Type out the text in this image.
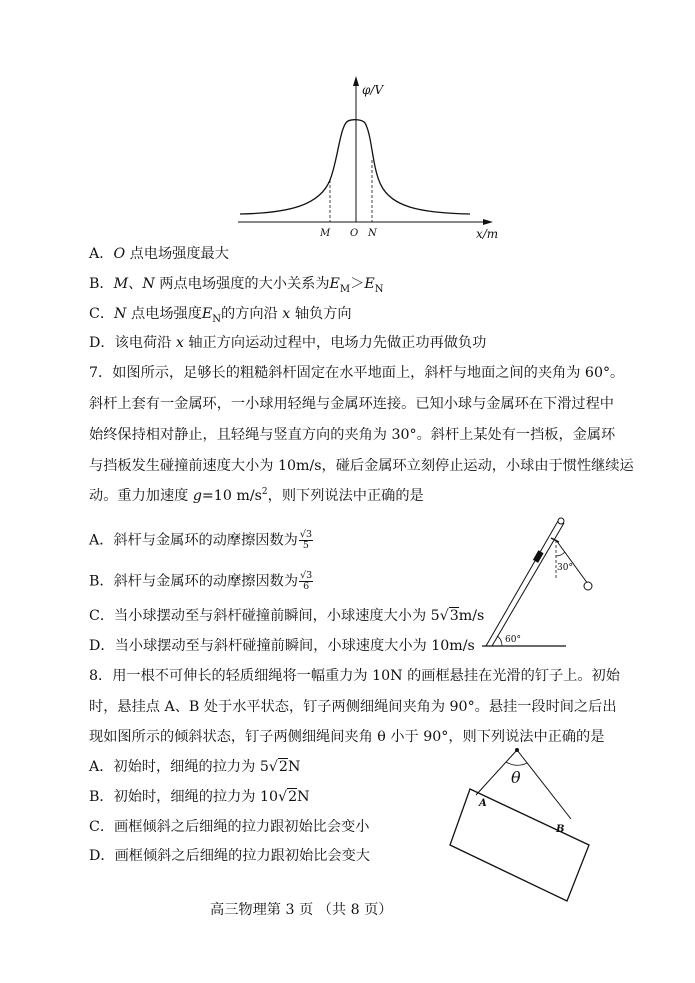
φ/V
x/m
M O N
A．O 点电场强度最大
B．M、N 两点电场强度的大小关系为$E_M>E_N$
C．N 点电场强度$E_N$的方向沿 x 轴负方向
D．该电荷沿 x 轴正方向运动过程中，电场力先做正功再做负功
7．如图所示，足够长的粗糙斜杆固定在水平地面上，斜杆与地面之间的夹角为 60°。
斜杆上套有一金属环，一小球用轻绳与金属环连接。已知小球与金属环在下滑过程中
始终保持相对静止，且轻绳与竖直方向的夹角为 30°。斜杆上某处有一挡板，金属环
与挡板发生碰撞前速度大小为 10m/s，碰后金属环立刻停止运动，小球由于惯性继续运
动。重力加速度 g=10 $m/s^2$，则下列说法中正确的是
A．斜杆与金属环的动摩擦因数为 $\frac{√3}{5}$
B．斜杆与金属环的动摩擦因数为 $\frac{√3}{6}$
C．当小球摆动至与斜杆碰撞前瞬间，小球速度大小为 5√3m/s
D．当小球摆动至与斜杆碰撞前瞬间，小球速度大小为 10m/s
30°
60°
8．用一根不可伸长的轻质细绳将一幅重力为 10N 的画框悬挂在光滑的钉子上。初始
时，悬挂点 A、B 处于水平状态，钉子两侧细绳间夹角为 90°。悬挂一段时间之后出
现如图所示的倾斜状态，钉子两侧细绳间夹角 θ 小于 90°，则下列说法中正确的是
A．初始时，细绳的拉力为 5√2N
B．初始时，细绳的拉力为 10√2N
C．画框倾斜之后细绳的拉力跟初始比会变小
D．画框倾斜之后细绳的拉力跟初始比会变大
θ
A
B
高三物理第 3 页 （共 8 页）
